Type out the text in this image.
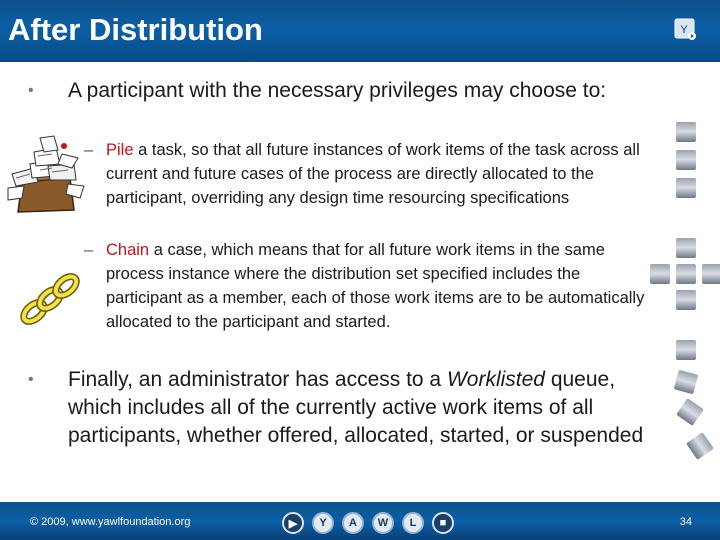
After Distribution	Y
•	A participant with the necessary privileges may choose to:
– Pile a task, so that all future instances of work items of the task across all current and future cases of the process are directly allocated to the participant, overriding any design time resourcing specifications
– Chain a case, which means that for all future work items in the same process instance where the distribution set specified includes the participant as a member, each of those work items are to be automatically allocated to the participant and started.
•	Finally, an administrator has access to a Worklisted queue, which includes all of the currently active work items of all participants, whether offered, allocated, started, or suspended
© 2009, www.yawlfoundation.org	▶	Y	A	W	L	■	34
